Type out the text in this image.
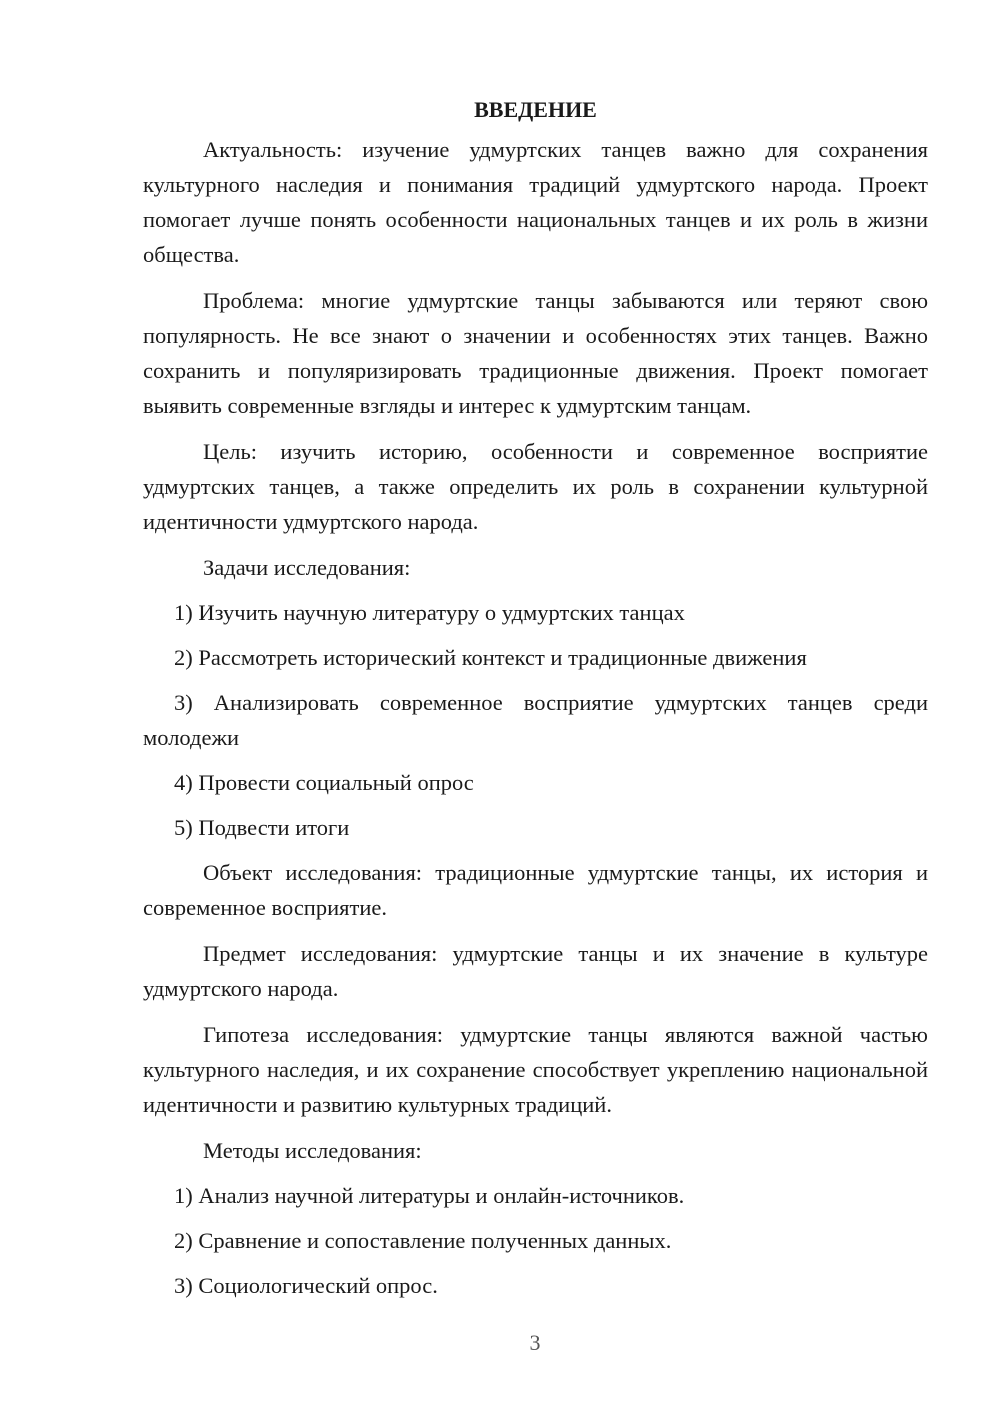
ВВЕДЕНИЕ

Актуальность: изучение удмуртских танцев важно для сохранения культурного наследия и понимания традиций удмуртского народа. Проект помогает лучше понять особенности национальных танцев и их роль в жизни общества.

Проблема: многие удмуртские танцы забываются или теряют свою популярность. Не все знают о значении и особенностях этих танцев. Важно сохранить и популяризировать традиционные движения. Проект помогает выявить современные взгляды и интерес к удмуртским танцам.

Цель: изучить историю, особенности и современное восприятие удмуртских танцев, а также определить их роль в сохранении культурной идентичности удмуртского народа.

Задачи исследования:

1) Изучить научную литературу о удмуртских танцах

2) Рассмотреть исторический контекст и традиционные движения

3) Анализировать современное восприятие удмуртских танцев среди молодежи

4) Провести социальный опрос

5) Подвести итоги

Объект исследования: традиционные удмуртские танцы, их история и современное восприятие.

Предмет исследования: удмуртские танцы и их значение в культуре удмуртского народа.

Гипотеза исследования: удмуртские танцы являются важной частью культурного наследия, и их сохранение способствует укреплению национальной идентичности и развитию культурных традиций.

Методы исследования:

1) Анализ научной литературы и онлайн-источников.

2) Сравнение и сопоставление полученных данных.

3) Социологический опрос.

3
